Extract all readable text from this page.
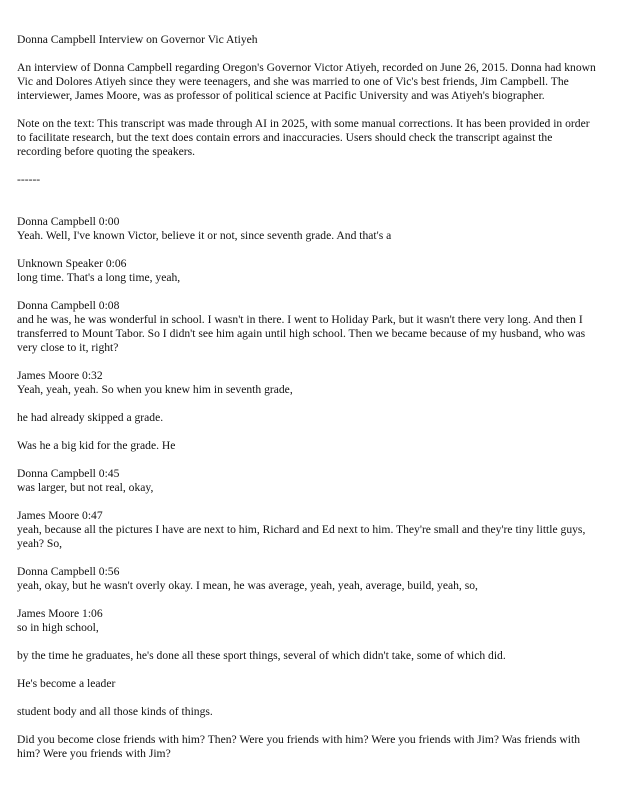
Donna Campbell Interview on Governor Vic Atiyeh

An interview of Donna Campbell regarding Oregon's Governor Victor Atiyeh, recorded on June 26, 2015. Donna had known Vic and Dolores Atiyeh since they were teenagers, and she was married to one of Vic's best friends, Jim Campbell. The interviewer, James Moore, was as professor of political science at Pacific University and was Atiyeh's biographer.

Note on the text: This transcript was made through AI in 2025, with some manual corrections. It has been provided in order to facilitate research, but the text does contain errors and inaccuracies. Users should check the transcript against the recording before quoting the speakers.

------

Donna Campbell 0:00
Yeah. Well, I've known Victor, believe it or not, since seventh grade. And that's a
Unknown Speaker 0:06
long time. That's a long time, yeah,
Donna Campbell 0:08
and he was, he was wonderful in school. I wasn't in there. I went to Holiday Park, but it wasn't there very long. And then I transferred to Mount Tabor. So I didn't see him again until high school. Then we became because of my husband, who was very close to it, right?
James Moore 0:32
Yeah, yeah, yeah. So when you knew him in seventh grade,
he had already skipped a grade.
Was he a big kid for the grade. He
Donna Campbell 0:45
was larger, but not real, okay,
James Moore 0:47
yeah, because all the pictures I have are next to him, Richard and Ed next to him. They're small and they're tiny little guys, yeah? So,
Donna Campbell 0:56
yeah, okay, but he wasn't overly okay. I mean, he was average, yeah, yeah, average, build, yeah, so,
James Moore 1:06
so in high school,
by the time he graduates, he's done all these sport things, several of which didn't take, some of which did.
He's become a leader
student body and all those kinds of things.
Did you become close friends with him? Then? Were you friends with him? Were you friends with Jim? Was friends with him? Were you friends with Jim?
